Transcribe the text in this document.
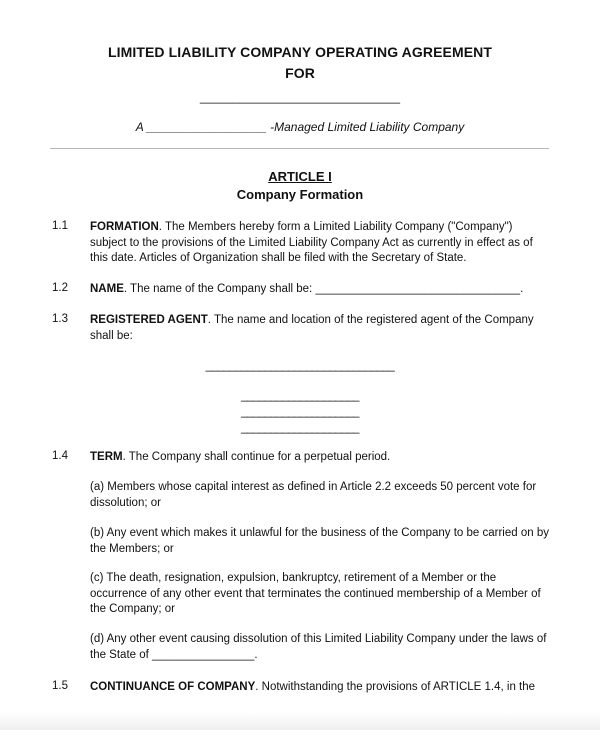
LIMITED LIABILITY COMPANY OPERATING AGREEMENT
FOR
______________________________
A __________________ -Managed Limited Liability Company
ARTICLE I
Company Formation
1.1 FORMATION. The Members hereby form a Limited Liability Company ("Company") subject to the provisions of the Limited Liability Company Act as currently in effect as of this date. Articles of Organization shall be filed with the Secretary of State.
1.2 NAME. The name of the Company shall be: ________________________________.
1.3 REGISTERED AGENT. The name and location of the registered agent of the Company shall be:
________________________________
____________________
____________________
____________________
1.4 TERM. The Company shall continue for a perpetual period.
(a) Members whose capital interest as defined in Article 2.2 exceeds 50 percent vote for dissolution; or
(b) Any event which makes it unlawful for the business of the Company to be carried on by the Members; or
(c) The death, resignation, expulsion, bankruptcy, retirement of a Member or the occurrence of any other event that terminates the continued membership of a Member of the Company; or
(d) Any other event causing dissolution of this Limited Liability Company under the laws of the State of ________________.
1.5 CONTINUANCE OF COMPANY. Notwithstanding the provisions of ARTICLE 1.4, in the
